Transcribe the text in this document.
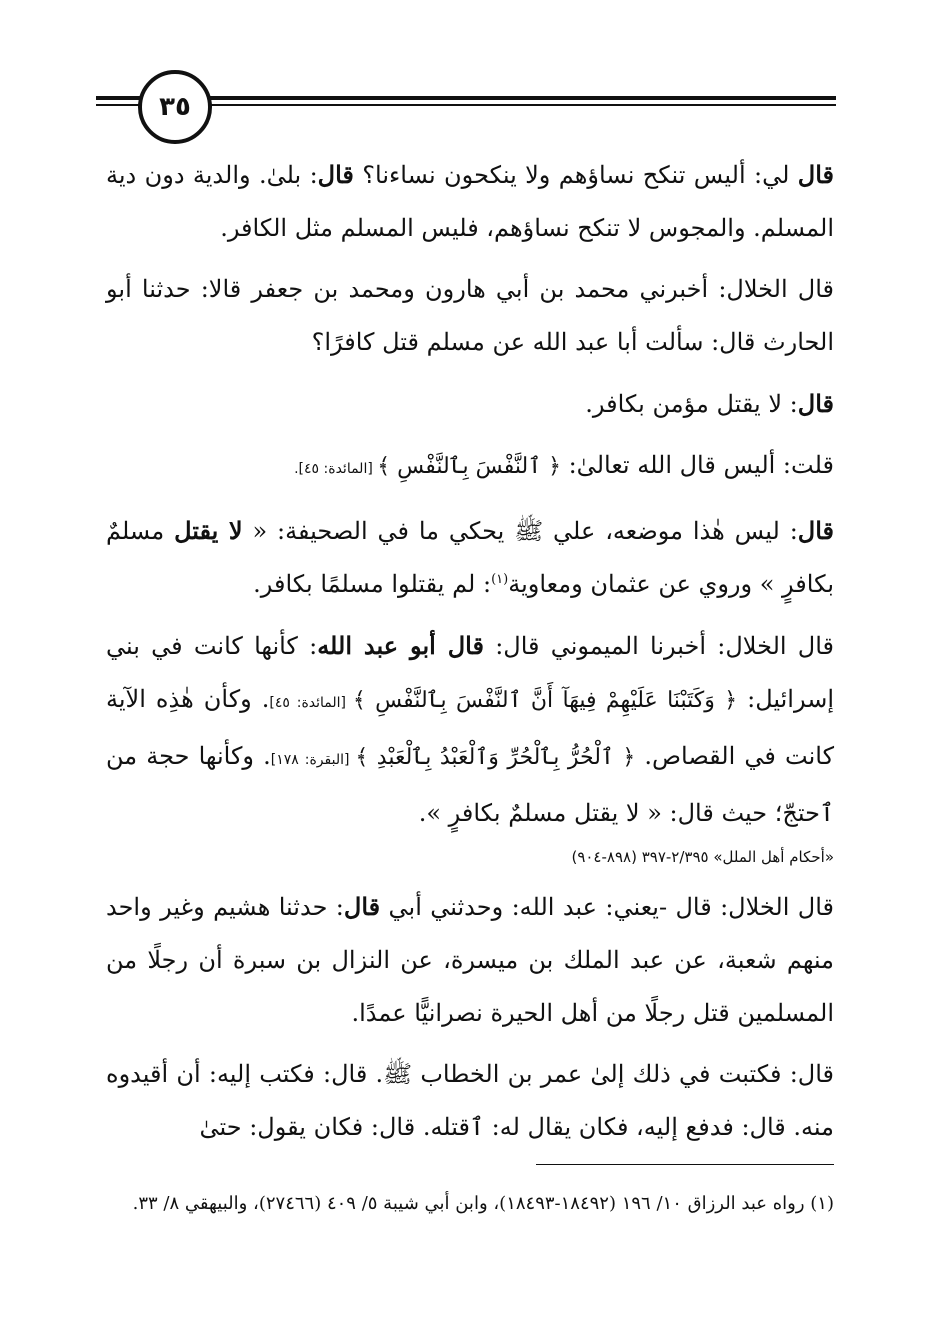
٣٥

قال لي: أليس تنكح نساؤهم ولا ينكحون نساءنا؟ قال: بلىٰ. والدية دون دية المسلم. والمجوس لا تنكح نساؤهم، فليس المسلم مثل الكافر.

قال الخلال: أخبرني محمد بن أبي هارون ومحمد بن جعفر قالا: حدثنا أبو الحارث قال: سألت أبا عبد الله عن مسلم قتل كافرًا؟

قال: لا يقتل مؤمن بكافر.

قلت: أليس قال الله تعالىٰ: ﴿ ٱلنَّفْسَ بِٱلنَّفْسِ ﴾ [المائدة: ٤٥].

قال: ليس هٰذا موضعه، علي ﷺ يحكي ما في الصحيفة: « لا يقتل مسلمٌ بكافرٍ » وروي عن عثمان ومعاوية$^{(١)}$: لم يقتلوا مسلمًا بكافر.

قال الخلال: أخبرنا الميموني قال: قال أبو عبد الله: كأنها كانت في بني إسرائيل: ﴿ وَكَتَبْنَا عَلَيْهِمْ فِيهَآ أَنَّ ٱلنَّفْسَ بِٱلنَّفْسِ ﴾ [المائدة: ٤٥]. وكأن هٰذِه الآية كانت في القصاص. ﴿ ٱلْحُرُّ بِٱلْحُرِّ وَٱلْعَبْدُ بِٱلْعَبْدِ ﴾ [البقرة: ١٧٨]. وكأنها حجة من ٱحتجّ؛ حيث قال: « لا يقتل مسلمٌ بكافرٍ ».

«أحكام أهل الملل» ٢/٣٩٥-٣٩٧ (٨٩٨-٩٠٤)

قال الخلال: قال -يعني: عبد الله: وحدثني أبي قال: حدثنا هشيم وغير واحد منهم شعبة، عن عبد الملك بن ميسرة، عن النزال بن سبرة أن رجلًا من المسلمين قتل رجلًا من أهل الحيرة نصرانيًّا عمدًا.

قال: فكتبت في ذلك إلىٰ عمر بن الخطاب ﷺ. قال: فكتب إليه: أن أقيدوه منه. قال: فدفع إليه، فكان يقال له: ٱقتله. قال: فكان يقول: حتىٰ

(١) رواه عبد الرزاق ١٠/ ١٩٦ (١٨٤٩٢-١٨٤٩٣)، وابن أبي شيبة ٥/ ٤٠٩ (٢٧٤٦٦)، والبيهقي ٨/ ٣٣.
